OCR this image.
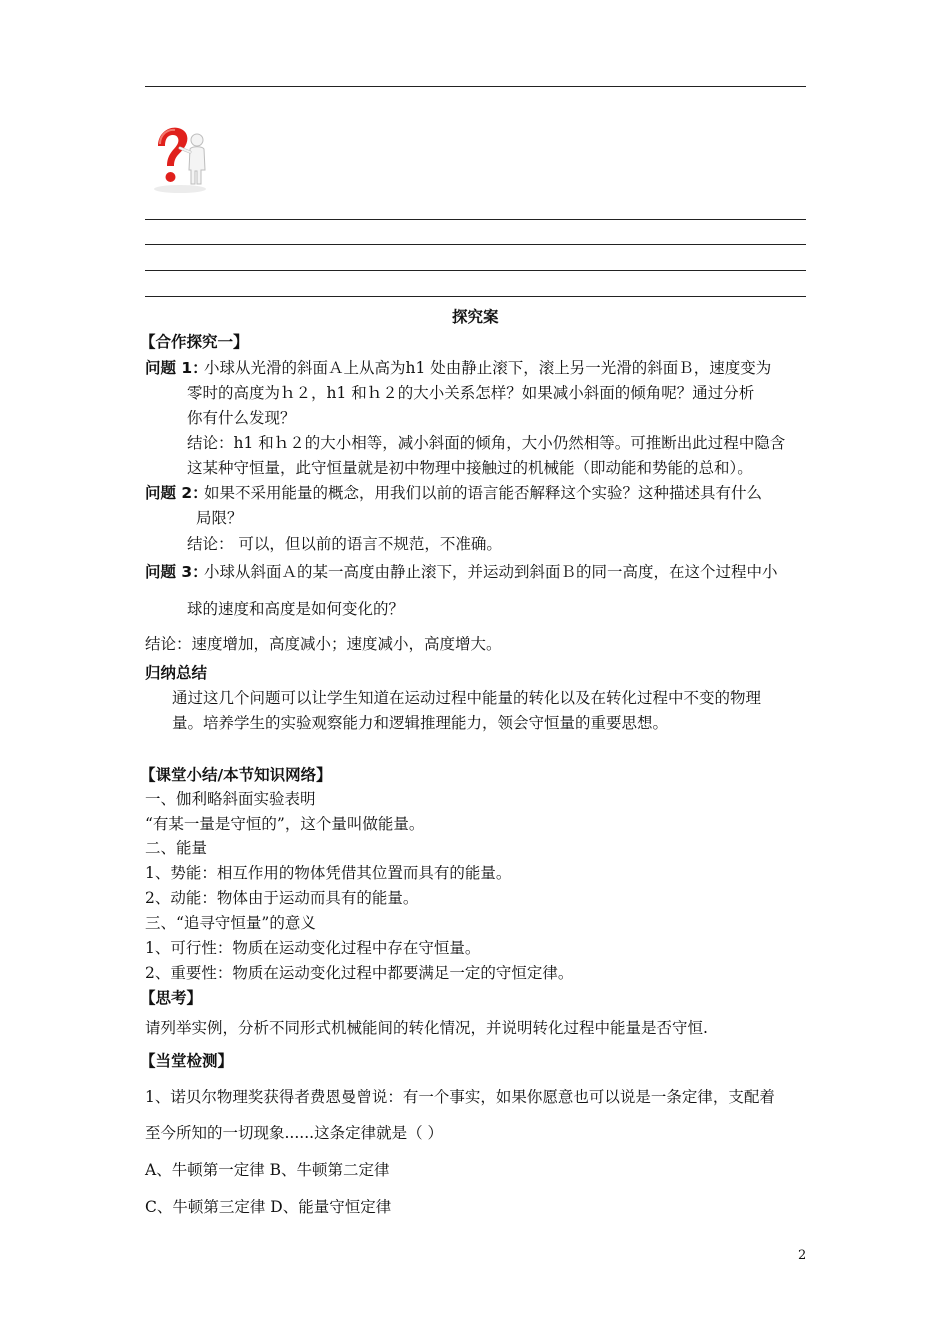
探究案
【合作探究一】
问题 1：
小球从光滑的斜面Ａ上从高为h1 处由静止滚下，滚上另一光滑的斜面Ｂ，速度变为
零时的高度为ｈ２，h1 和ｈ２的大小关系怎样？如果减小斜面的倾角呢？通过分析
你有什么发现？
结论：h1 和ｈ２的大小相等，减小斜面的倾角，大小仍然相等。可推断出此过程中隐含
这某种守恒量，此守恒量就是初中物理中接触过的机械能（即动能和势能的总和）。
问题 2：
如果不采用能量的概念，用我们以前的语言能否解释这个实验？这种描述具有什么
局限？
结论： 可以，但以前的语言不规范，不准确。
问题 3：
小球从斜面Ａ的某一高度由静止滚下，并运动到斜面Ｂ的同一高度，在这个过程中小
球的速度和高度是如何变化的？
结论：速度增加，高度减小；速度减小，高度增大。
归纳总结
通过这几个问题可以让学生知道在运动过程中能量的转化以及在转化过程中不变的物理
量。培养学生的实验观察能力和逻辑推理能力，领会守恒量的重要思想。
【课堂小结/本节知识网络】
一、伽利略斜面实验表明
“有某一量是守恒的”，这个量叫做能量。
二、能量
1、势能：相互作用的物体凭借其位置而具有的能量。
2、动能：物体由于运动而具有的能量。
三、“追寻守恒量”的意义
1、可行性：物质在运动变化过程中存在守恒量。
2、重要性：物质在运动变化过程中都要满足一定的守恒定律。
【思考】
请列举实例，分析不同形式机械能间的转化情况，并说明转化过程中能量是否守恒.
【当堂检测】
1、诺贝尔物理奖获得者费恩曼曾说：有一个事实，如果你愿意也可以说是一条定律，支配着
至今所知的一切现象......这条定律就是（ ）
A、牛顿第一定律 B、牛顿第二定律
C、牛顿第三定律 D、能量守恒定律
2
